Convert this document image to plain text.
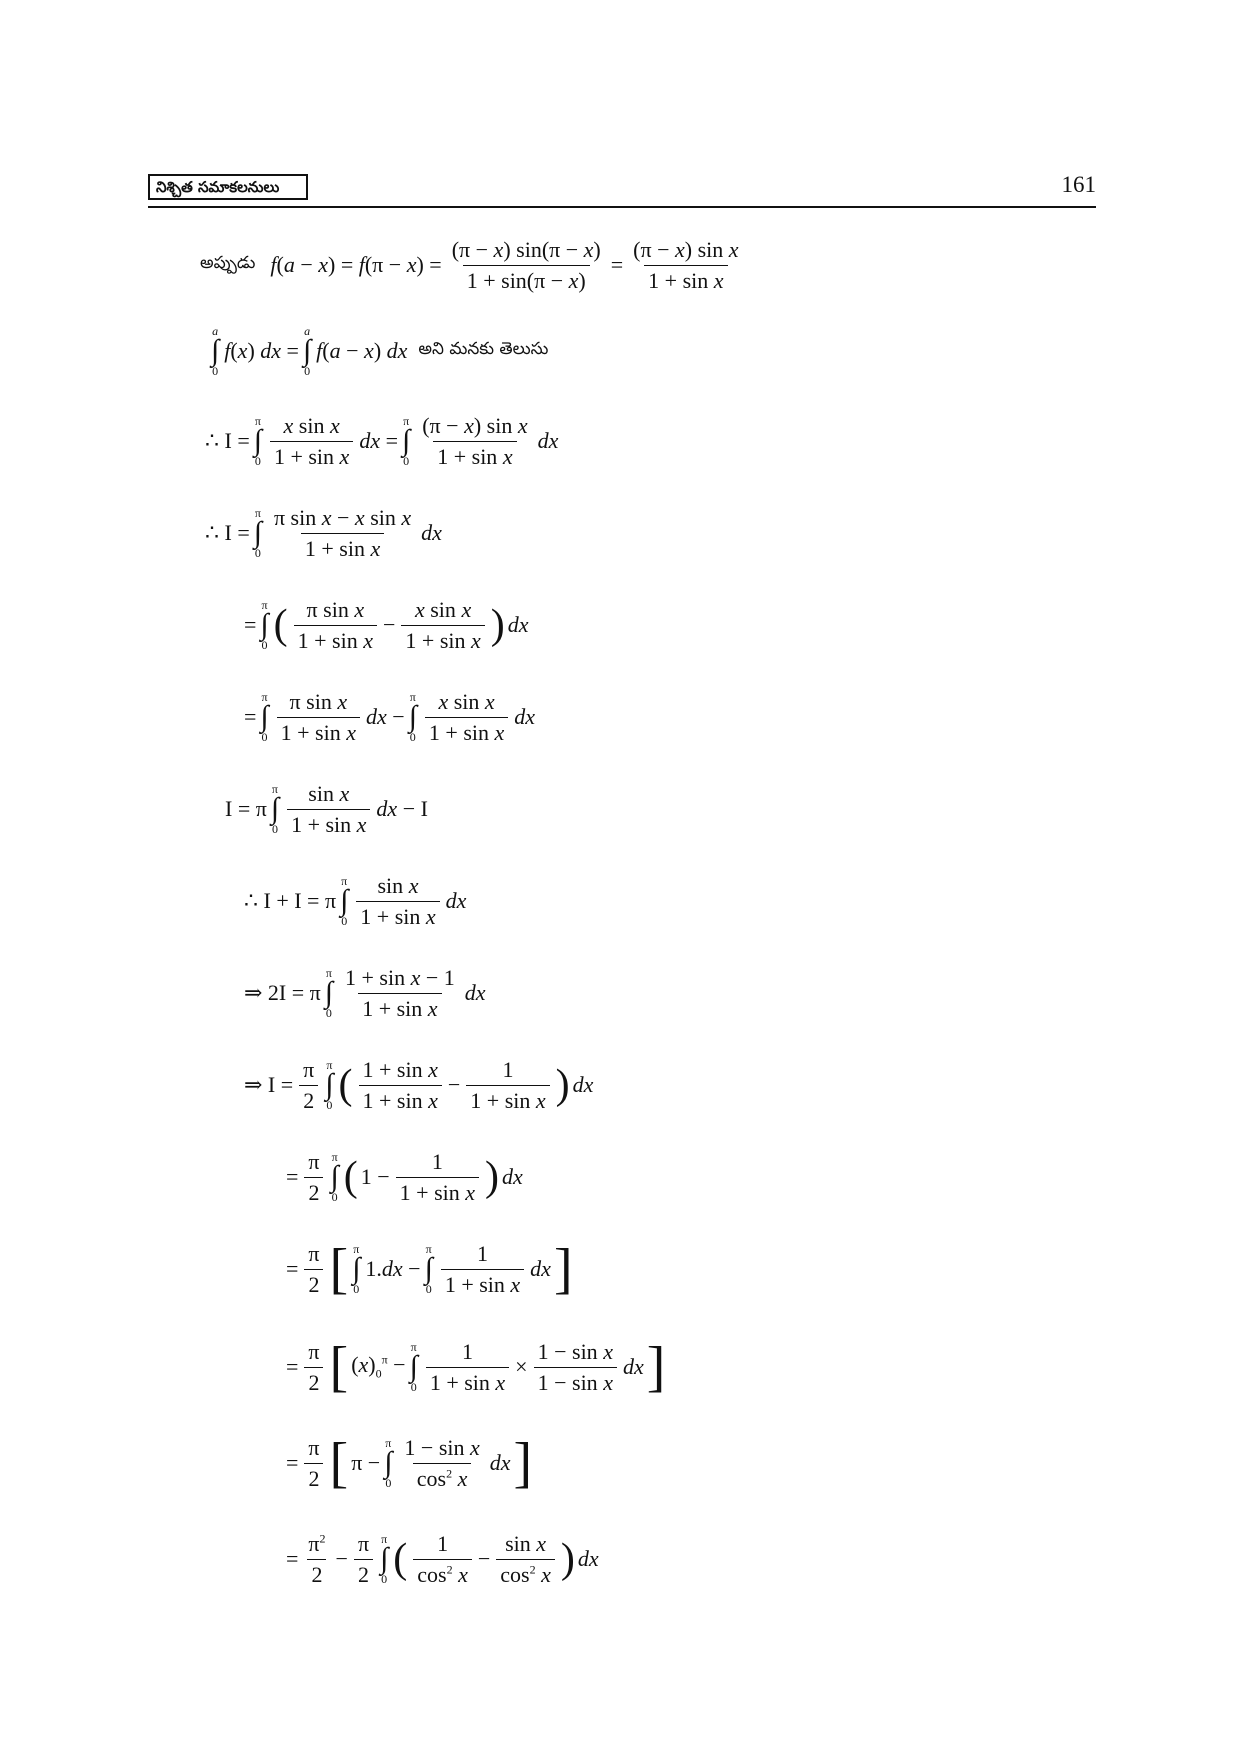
నిశ్చిత సమాకలనులు	161
అప్పుడు $f(a - x) = f(\pi - x) = \frac{(\pi - x) \sin(\pi - x)}{1 + \sin(\pi - x)} = \frac{\text{(π − x) sin x}}{\text{1 + sin x}}$
a
∫
0
f(x) dx =
a
∫
0
f(a − x) dx అని మనకు తెలుసు
∴ I =
π
∫
$0 \frac{\text{x sin x}}{\text{1 + sin x}}$ dx =
π
∫
$0 \frac{\text{(π − x) sin x}}{\text{1 + sin x}}$ dx
∴ I =
π
∫
$0 \frac{\text{π sin x − x sin x}}{\text{1 + sin x}}$ dx
=
π
∫
0 ( $\frac{\text{π sin x}}{\text{1 + sin x}} - \frac{\text{x sin x}}{\text{1 + sin x}}$ ) dx
=
π
∫
$0 \frac{\text{π sin x}}{\text{1 + sin x}}$ dx −
π
∫
$0 \frac{\text{x sin x}}{\text{1 + sin x}}$ dx
I = π
π
∫
$0 \frac{\text{sin x}}{\text{1 + sin x}}$ dx − I
∴ I + I = π
π
∫
$0 \frac{\text{sin x}}{\text{1 + sin x}}$ dx
⇒ 2I = π
π
∫
$0 \frac{\text{1 + sin x − 1}}{\text{1 + sin x}}$ dx
⇒ $I = \frac{\pi}{2}$ π
∫
0 ( $\frac{\text{1 + sin x}}{\text{1 + sin x}} - \frac{1}{\text{1 + sin x}}$ ) dx
= $\frac{\pi}{2}$ π
∫
0 ( $1 - \frac{1}{\text{1 + sin x}}$ ) dx
= $\frac{\pi}{2}$ [ π
∫
0
1.dx −
π
∫
$0 \frac{1}{\text{1 + sin x}}$ dx ]
= $\frac{\pi}{2}$ [ $(x)_0^\pi$ −
π
∫
$0 \frac{1}{\text{1 + sin x}} \times \frac{\text{1 − sin x}}{\text{1 − sin x}}$ dx ]
= $\frac{\pi}{2}$ [ π −
π
∫
$0 \frac{\text{1 − sin x}}{\cos^2 x}$ dx ]
= $\frac{\pi^2}{2} - \frac{\pi}{2}$ π
∫
0 ( $\frac{1}{\cos^2 x} - \frac{\text{sin x}}{\cos^2 x}$ ) dx
